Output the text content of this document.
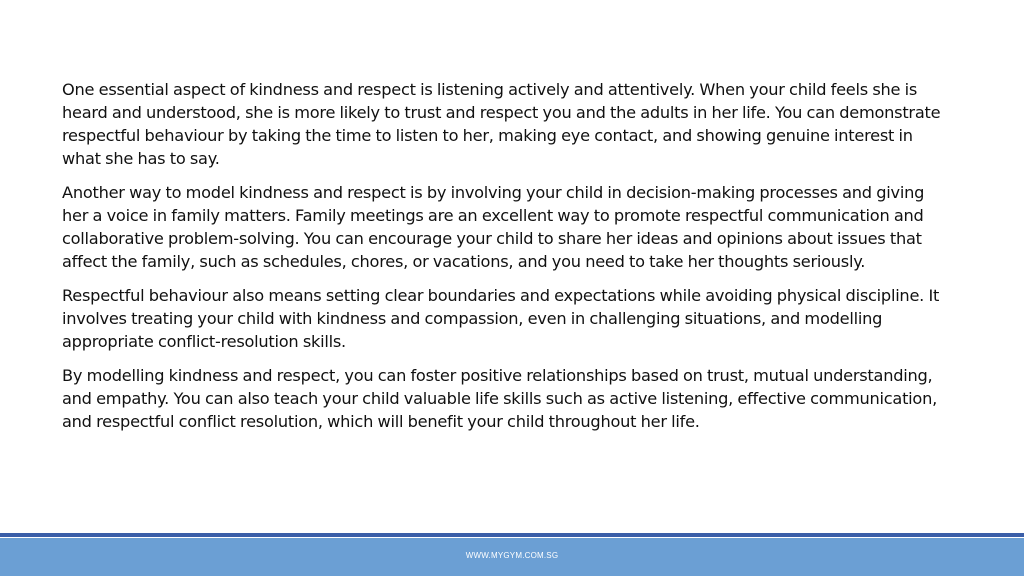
One essential aspect of kindness and respect is listening actively and attentively. When your child feels she is heard and understood, she is more likely to trust and respect you and the adults in her life. You can demonstrate respectful behaviour by taking the time to listen to her, making eye contact, and showing genuine interest in what she has to say.

Another way to model kindness and respect is by involving your child in decision-making processes and giving her a voice in family matters. Family meetings are an excellent way to promote respectful communication and collaborative problem-solving. You can encourage your child to share her ideas and opinions about issues that affect the family, such as schedules, chores, or vacations, and you need to take her thoughts seriously.

Respectful behaviour also means setting clear boundaries and expectations while avoiding physical discipline. It involves treating your child with kindness and compassion, even in challenging situations, and modelling appropriate conflict-resolution skills.

By modelling kindness and respect, you can foster positive relationships based on trust, mutual understanding, and empathy. You can also teach your child valuable life skills such as active listening, effective communication, and respectful conflict resolution, which will benefit your child throughout her life.

WWW.MYGYM.COM.SG
